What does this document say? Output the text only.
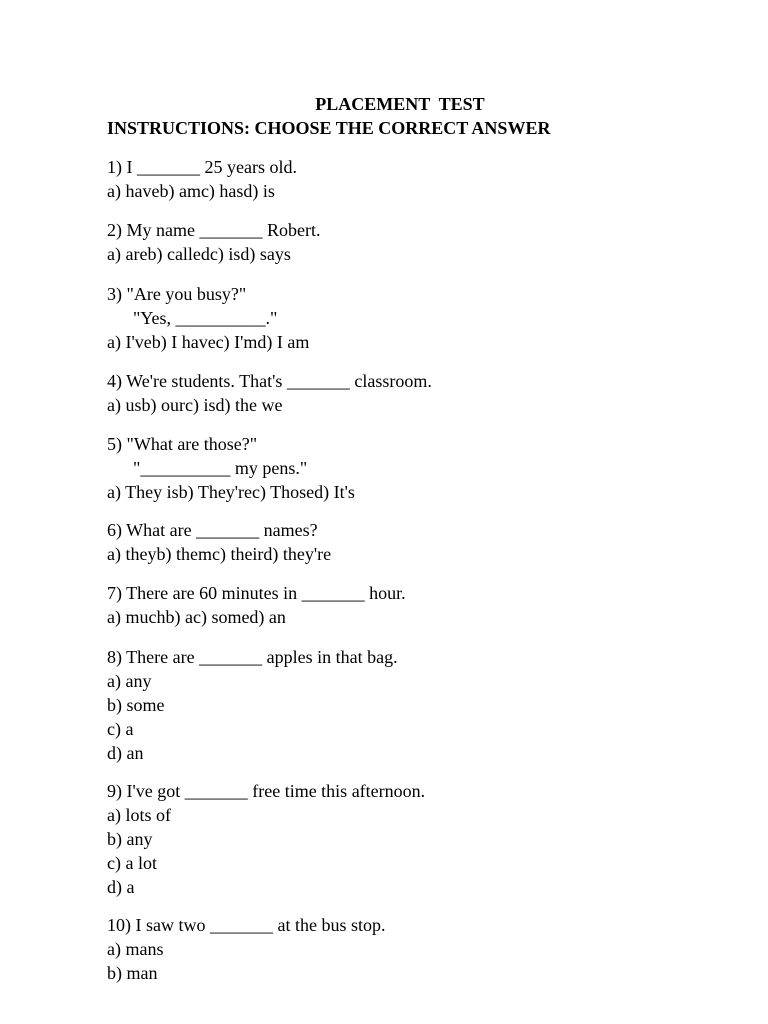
PLACEMENT  TEST
INSTRUCTIONS: CHOOSE THE CORRECT ANSWER
1) I _______ 25 years old.
a) haveb) amc) hasd) is
2) My name _______ Robert.
a) areb) calledc) isd) says
3) "Are you busy?"
"Yes, __________."
a) I'veb) I havec) I'md) I am
4) We're students. That's _______ classroom.
a) usb) ourc) isd) the we
5) "What are those?"
"__________ my pens."
a) They isb) They'rec) Thosed) It's
6) What are _______ names?
a) theyb) themc) theird) they're
7) There are 60 minutes in _______ hour.
a) muchb) ac) somed) an
8) There are _______ apples in that bag.
a) any
b) some
c) a
d) an
9) I've got _______ free time this afternoon.
a) lots of
b) any
c) a lot
d) a
10) I saw two _______ at the bus stop.
a) mans
b) man
